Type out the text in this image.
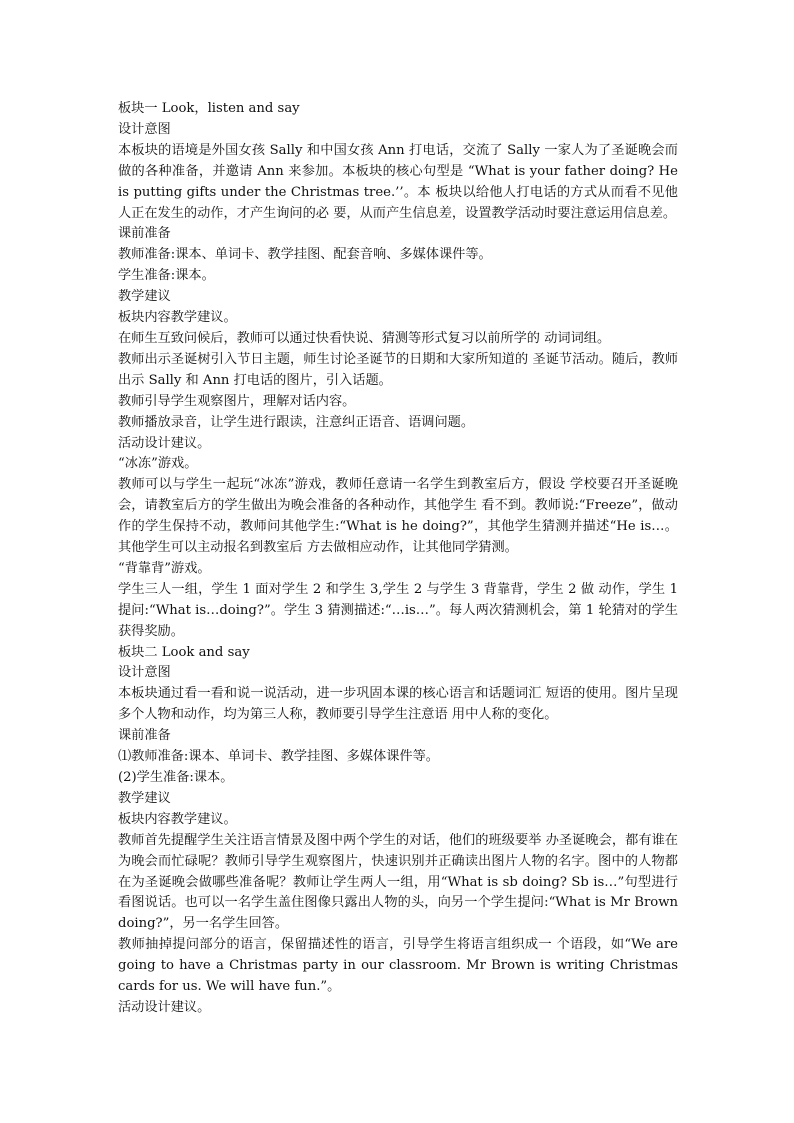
板块一 Look，listen and say

设计意图

本板块的语境是外国女孩 Sally 和中国女孩 Ann 打电话，交流了 Sally 一家人为了圣诞晚会而做的各种准备，并邀请 Ann 来参加。本板块的核心句型是 “What is your father doing? He is putting gifts under the Christmas tree.’’。本 板块以给他人打电话的方式从而看不见他人正在发生的动作，才产生询问的必 要，从而产生信息差，设置教学活动时要注意运用信息差。

课前准备

教师准备:课本、单词卡、教学挂图、配套音响、多媒体课件等。

学生准备:课本。

教学建议

板块内容教学建议。

在师生互致问候后，教师可以通过快看快说、猜测等形式复习以前所学的 动词词组。

教师出示圣诞树引入节日主题，师生讨论圣诞节的日期和大家所知道的 圣诞节活动。随后，教师出示 Sally 和 Ann 打电话的图片，引入话题。

教师引导学生观察图片，理解对话内容。

教师播放录音，让学生进行跟读，注意纠正语音、语调问题。

活动设计建议。

“冰冻”游戏。

教师可以与学生一起玩“冰冻”游戏，教师任意请一名学生到教室后方，假设 学校要召开圣诞晚会，请教室后方的学生做出为晚会准备的各种动作，其他学生 看不到。教师说:“Freeze”，做动作的学生保持不动，教师问其他学生:“What is he doing?”，其他学生猜测并描述“He is…。其他学生可以主动报名到教室后 方去做相应动作，让其他同学猜测。

“背靠背”游戏。

学生三人一组，学生 1 面对学生 2 和学生 3,学生 2 与学生 3 背靠背，学生 2 做 动作，学生 1 提问:“What is…doing?”。学生 3 猜测描述:“…is…”。每人两次猜测机会，第 1 轮猜对的学生获得奖励。

板块二 Look and say

设计意图

本板块通过看一看和说一说活动，进一步巩固本课的核心语言和话题词汇 短语的使用。图片呈现多个人物和动作，均为第三人称，教师要引导学生注意语 用中人称的变化。

课前准备

⑴教师准备:课本、单词卡、教学挂图、多媒体课件等。

(2)学生准备:课本。

教学建议

板块内容教学建议。

教师首先提醒学生关注语言情景及图中两个学生的对话，他们的班级要举 办圣诞晚会，都有谁在为晚会而忙碌呢？教师引导学生观察图片，快速识别并正确读出图片人物的名字。图中的人物都在为圣诞晚会做哪些准备呢？教师让学生两人一组，用“What is sb doing? Sb is…”句型进行看图说话。也可以一名学生盖住图像只露出人物的头，向另一个学生提问:“What is Mr Brown doing?”，另一名学生回答。

教师抽掉提问部分的语言，保留描述性的语言，引导学生将语言组织成一 个语段，如“We are going to have a Christmas party in our classroom. Mr Brown is writing Christmas cards for us. We will have fun.”。

活动设计建议。
